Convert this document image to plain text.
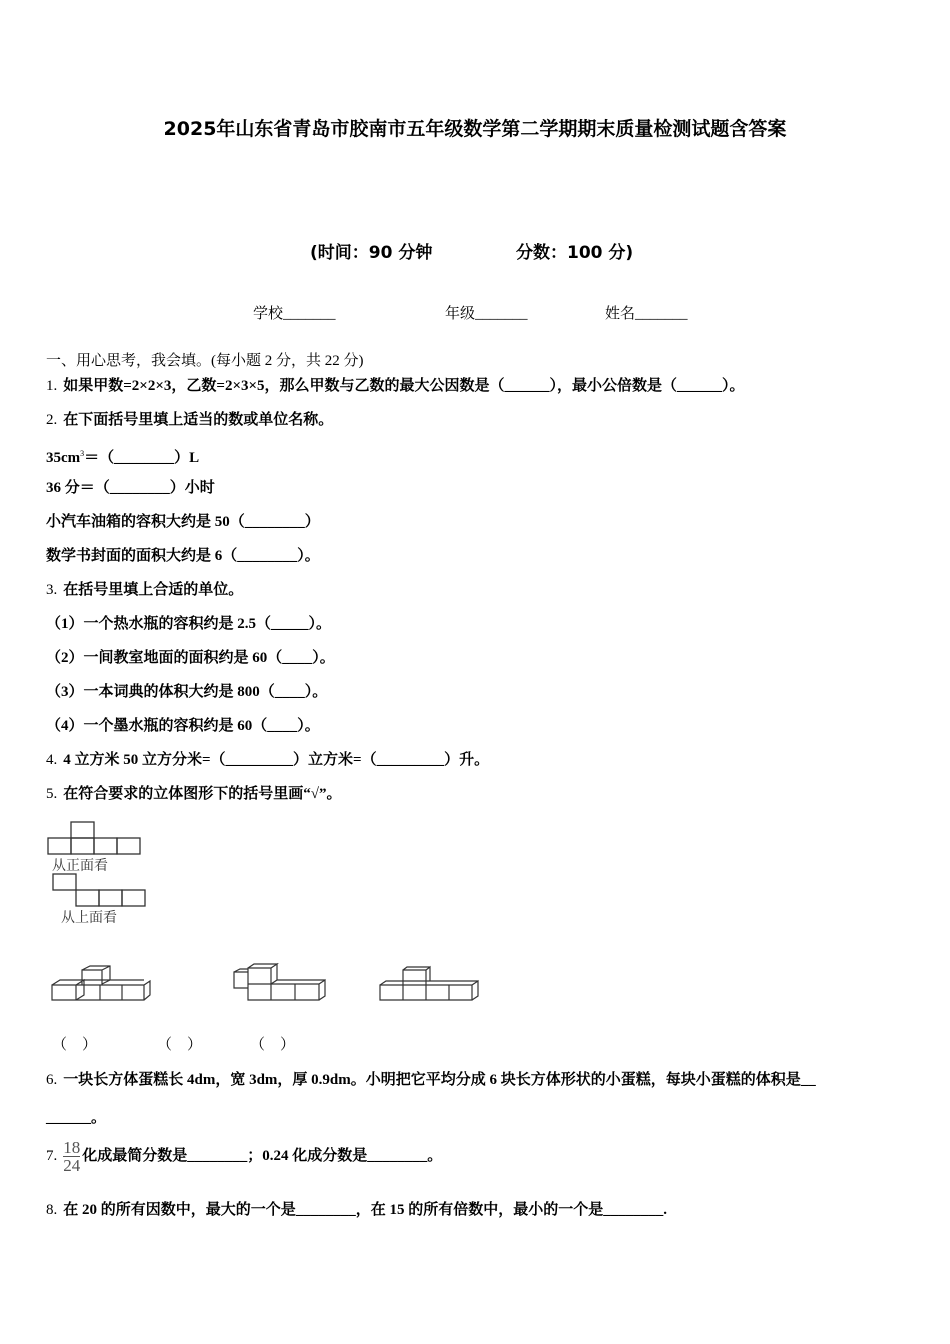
2025年山东省青岛市胶南市五年级数学第二学期期末质量检测试题含答案
(时间：90 分钟	分数：100 分)
学校_______	年级_______	姓名_______
一、用心思考，我会填。(每小题 2 分，共 22 分)
1. 如果甲数=2×2×3，乙数=2×3×5，那么甲数与乙数的最大公因数是（______），最小公倍数是（______）。
2. 在下面括号里填上适当的数或单位名称。
$35cm^3=(\_\_\_\_\_\_\_\_)L$
36 分＝（________）小时
小汽车油箱的容积大约是 50（________）
数学书封面的面积大约是 6（________）。
3. 在括号里填上合适的单位。
（1）一个热水瓶的容积约是 2.5（_____）。
（2）一间教室地面的面积约是 60（____）。
（3）一本词典的体积大约是 800（____）。
（4）一个墨水瓶的容积约是 60（____）。
4. 4 立方米 50 立方分米=（_________）立方米=（_________）升。
5. 在符合要求的立体图形下的括号里画“√”。
从正面看
从上面看
（　）	（　）	（　）
6. 一块长方体蛋糕长 4dm，宽 3dm，厚 0.9dm。小明把它平均分成 6 块长方体形状的小蛋糕，每块小蛋糕的体积是__
______。
7. $\frac{18}{24}$ 化成最简分数是________；0.24 化成分数是________。
8. 在 20 的所有因数中，最大的一个是________，在 15 的所有倍数中，最小的一个是________.
